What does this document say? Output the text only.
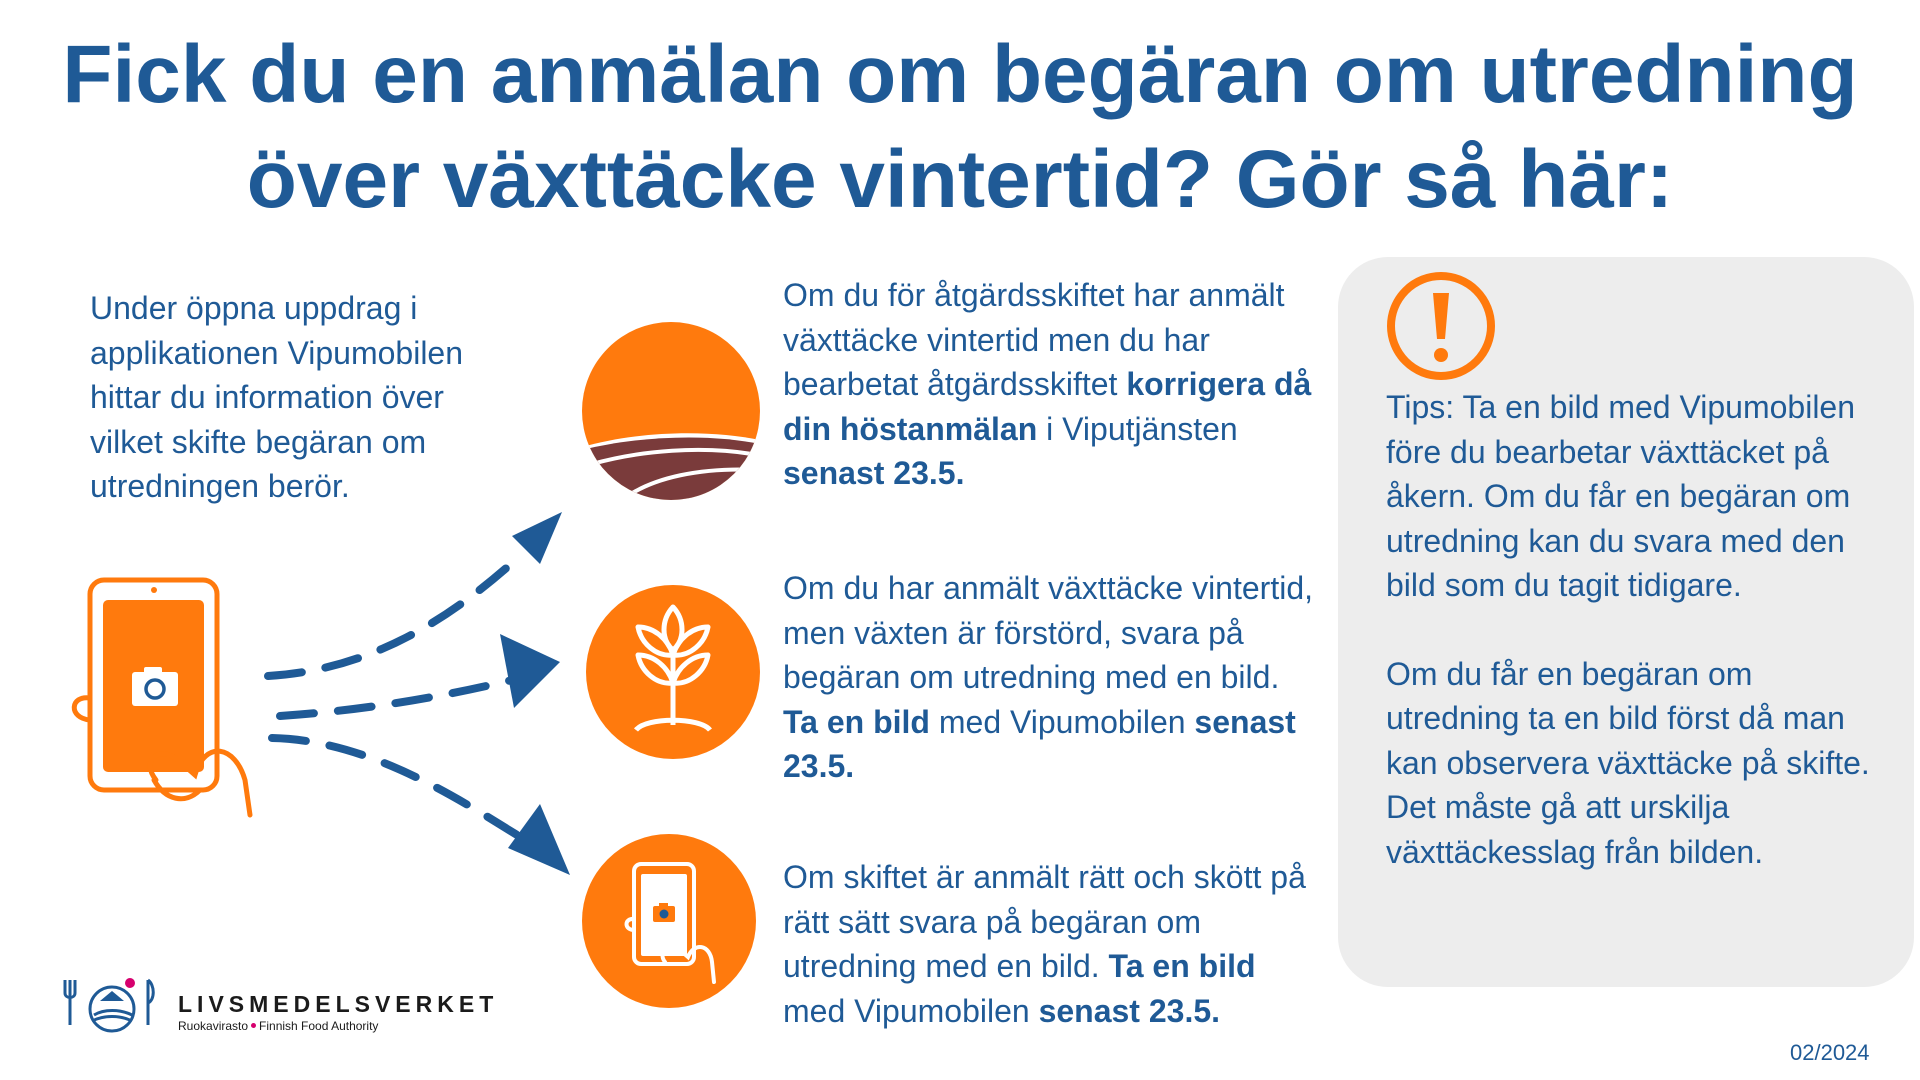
Fick du en anmälan om begäran om utredning
över växttäcke vintertid? Gör så här:
Under öppna uppdrag i applikationen Vipumobilen hittar du information över vilket skifte begäran om utredningen berör.
Om du för åtgärdsskiftet har anmält växttäcke vintertid men du har bearbetat åtgärdsskiftet korrigera då din höstanmälan i Viputjänsten senast 23.5.
Om du har anmält växttäcke vintertid, men växten är förstörd, svara på begäran om utredning med en bild. Ta en bild med Vipumobilen senast 23.5.
Om skiftet är anmält rätt och skött på rätt sätt svara på begäran om utredning med en bild. Ta en bild med Vipumobilen senast 23.5.

Tips: Ta en bild med Vipumobilen före du bearbetar växttäcket på åkern. Om du får en begäran om utredning kan du svara med den bild som du tagit tidigare.

Om du får en begäran om utredning ta en bild först då man kan observera växttäcke på skifte. Det måste gå att urskilja växttäckesslag från bilden.

LIVSMEDELSVERKET
Ruokavirasto Finnish Food Authority
02/2024
